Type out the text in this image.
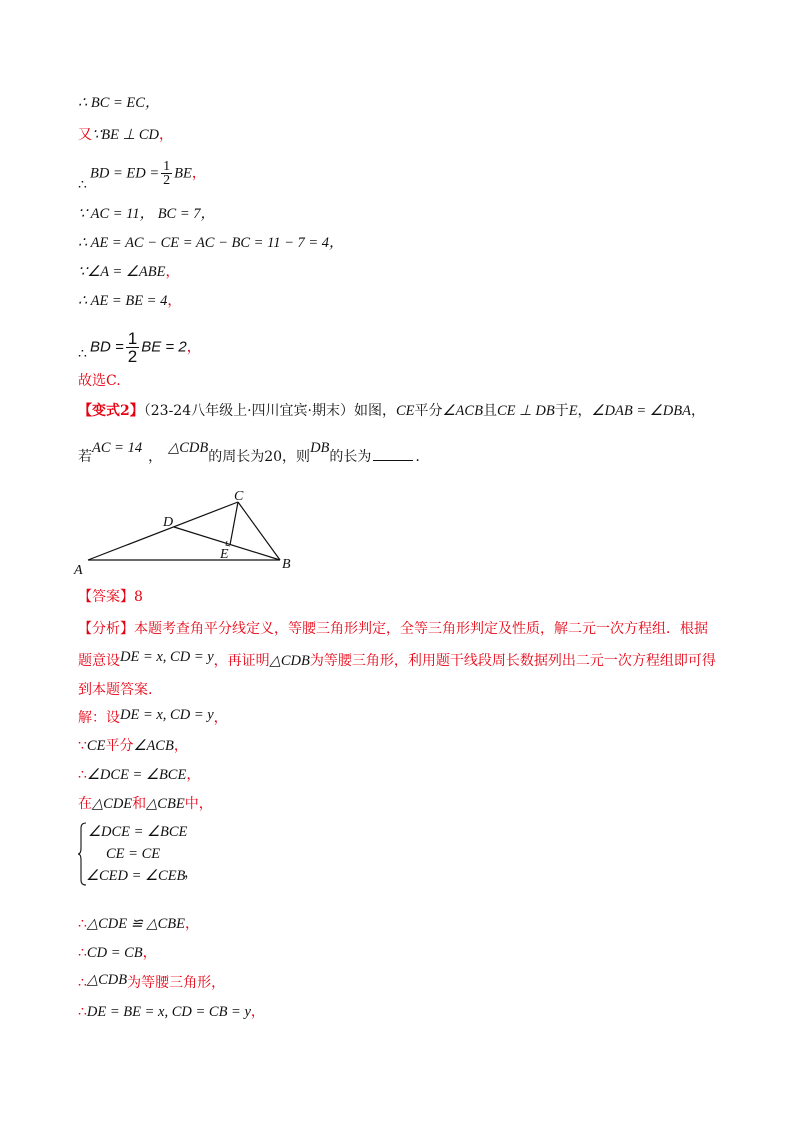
∴ BC = EC，
又∵BE ⊥ CD，
BD = ED = $\frac{1}{2}$ BE，
∴
∵ AC = 11， BC = 7，
∴ AE = AC − CE = AC − BC = 11 − 7 = 4，
∵∠A = ∠ABE，
∴ AE = BE = 4，
BD = $\frac{1}{2}$ BE = 2，
∴
故选C.
【变式2】（23-24八年级上·四川宜宾·期末）如图，CE平分∠ACB且CE ⊥ DB于E，∠DAB = ∠DBA，
若AC = 14，△CDB的周长为20，则DB的长为	.
A	B
C
D
E
【答案】8
【分析】本题考查角平分线定义，等腰三角形判定，全等三角形判定及性质，解二元一次方程组．根据
题意设DE = x, CD = y，再证明△CDB为等腰三角形，利用题干线段周长数据列出二元一次方程组即可得
到本题答案.
解：设DE = x, CD = y，
∵CE平分∠ACB，
∴∠DCE = ∠BCE，
在△CDE和△CBE中，
∠DCE = ∠BCE
CE = CE
∠CED = ∠CEB
，
∴△CDE ≌ △CBE，
∴CD = CB，
∴△CDB为等腰三角形，
∴DE = BE = x, CD = CB = y，
